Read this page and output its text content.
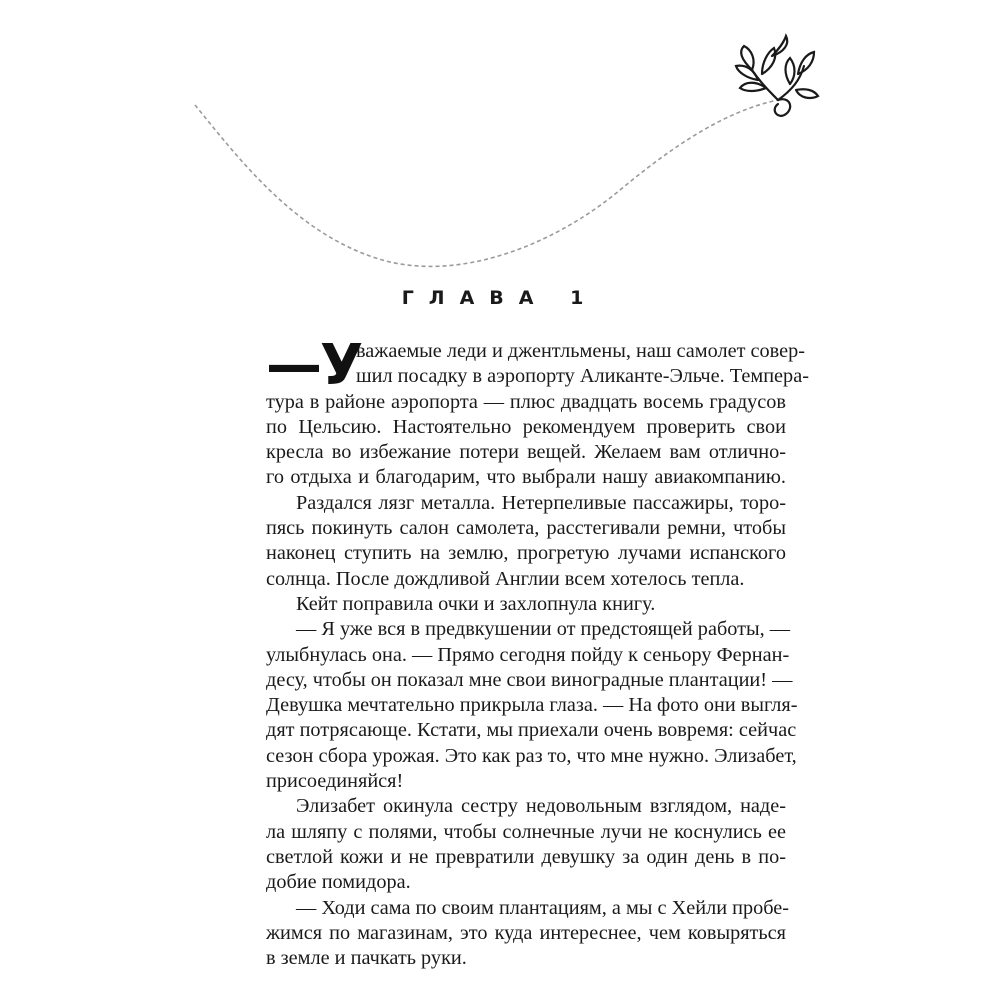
ГЛАВА 1
—У
важаемые леди и джентльмены, наш самолет совер-
шил посадку в аэропорту Аликанте-Эльче. Темпера-
тура в районе аэропорта — плюс двадцать восемь градусов
по Цельсию. Настоятельно рекомендуем проверить свои
кресла во избежание потери вещей. Желаем вам отлично-
го отдыха и благодарим, что выбрали нашу авиакомпанию.
Раздался лязг металла. Нетерпеливые пассажиры, торо-
пясь покинуть салон самолета, расстегивали ремни, чтобы
наконец ступить на землю, прогретую лучами испанского
солнца. После дождливой Англии всем хотелось тепла.
Кейт поправила очки и захлопнула книгу.
— Я уже вся в предвкушении от предстоящей работы, —
улыбнулась она. — Прямо сегодня пойду к сеньору Фернан-
десу, чтобы он показал мне свои виноградные плантации! —
Девушка мечтательно прикрыла глаза. — На фото они выгля-
дят потрясающе. Кстати, мы приехали очень вовремя: сейчас
сезон сбора урожая. Это как раз то, что мне нужно. Элизабет,
присоединяйся!
Элизабет окинула сестру недовольным взглядом, наде-
ла шляпу с полями, чтобы солнечные лучи не коснулись ее
светлой кожи и не превратили девушку за один день в по-
добие помидора.
— Ходи сама по своим плантациям, а мы с Хейли пробе-
жимся по магазинам, это куда интереснее, чем ковыряться
в земле и пачкать руки.
